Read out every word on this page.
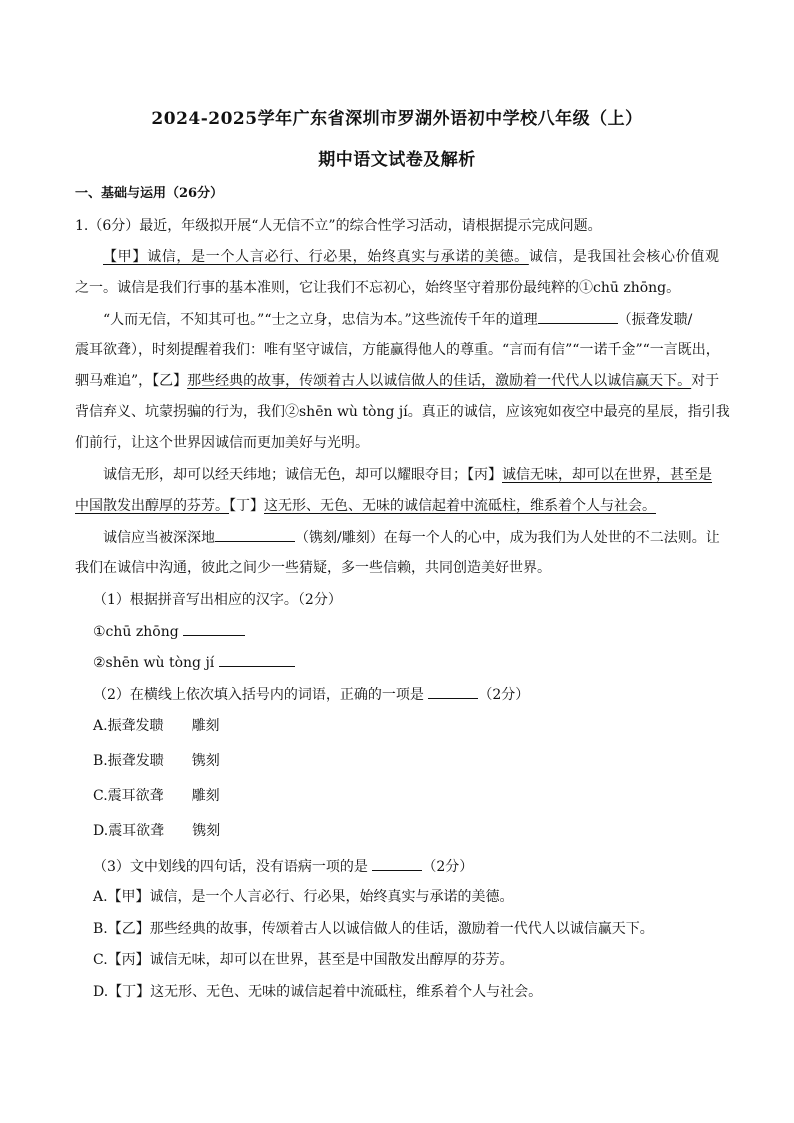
2024-2025学年广东省深圳市罗湖外语初中学校八年级（上）
期中语文试卷及解析
一、基础与运用（26分）
1.（6分）最近，年级拟开展“人无信不立”的综合性学习活动，请根据提示完成问题。
【甲】诚信，是一个人言必行、行必果，始终真实与承诺的美德。诚信，是我国社会核心价值观
之一。诚信是我们行事的基本准则，它让我们不忘初心，始终坚守着那份最纯粹的①chū zhōng。
“人而无信，不知其可也。”“士之立身，忠信为本。”这些流传千年的道理	（振聋发聩/
震耳欲聋），时刻提醒着我们：唯有坚守诚信，方能赢得他人的尊重。“言而有信”“一诺千金”“一言既出，
驷马难追”，【乙】那些经典的故事，传颂着古人以诚信做人的佳话，激励着一代代人以诚信赢天下。对于
背信弃义、坑蒙拐骗的行为，我们②shēn wù tòng jí。真正的诚信，应该宛如夜空中最亮的星辰，指引我
们前行，让这个世界因诚信而更加美好与光明。
诚信无形，却可以经天纬地；诚信无色，却可以耀眼夺目；【丙】诚信无味，却可以在世界，甚至是
中国散发出醇厚的芬芳。【丁】这无形、无色、无味的诚信起着中流砥柱，维系着个人与社会。
诚信应当被深深地	（镌刻/雕刻）在每一个人的心中，成为我们为人处世的不二法则。让
我们在诚信中沟通，彼此之间少一些猜疑，多一些信赖，共同创造美好世界。
（1）根据拼音写出相应的汉字。（2分）
①chū zhōng
②shēn wù tòng jí
（2）在横线上依次填入括号内的词语，正确的一项是	（2分）
A.振聋发聩 雕刻
B.振聋发聩 镌刻
C.震耳欲聋 雕刻
D.震耳欲聋 镌刻
（3）文中划线的四句话，没有语病一项的是	（2分）
A.【甲】诚信，是一个人言必行、行必果，始终真实与承诺的美德。
B.【乙】那些经典的故事，传颂着古人以诚信做人的佳话，激励着一代代人以诚信赢天下。
C.【丙】诚信无味，却可以在世界，甚至是中国散发出醇厚的芬芳。
D.【丁】这无形、无色、无味的诚信起着中流砥柱，维系着个人与社会。
